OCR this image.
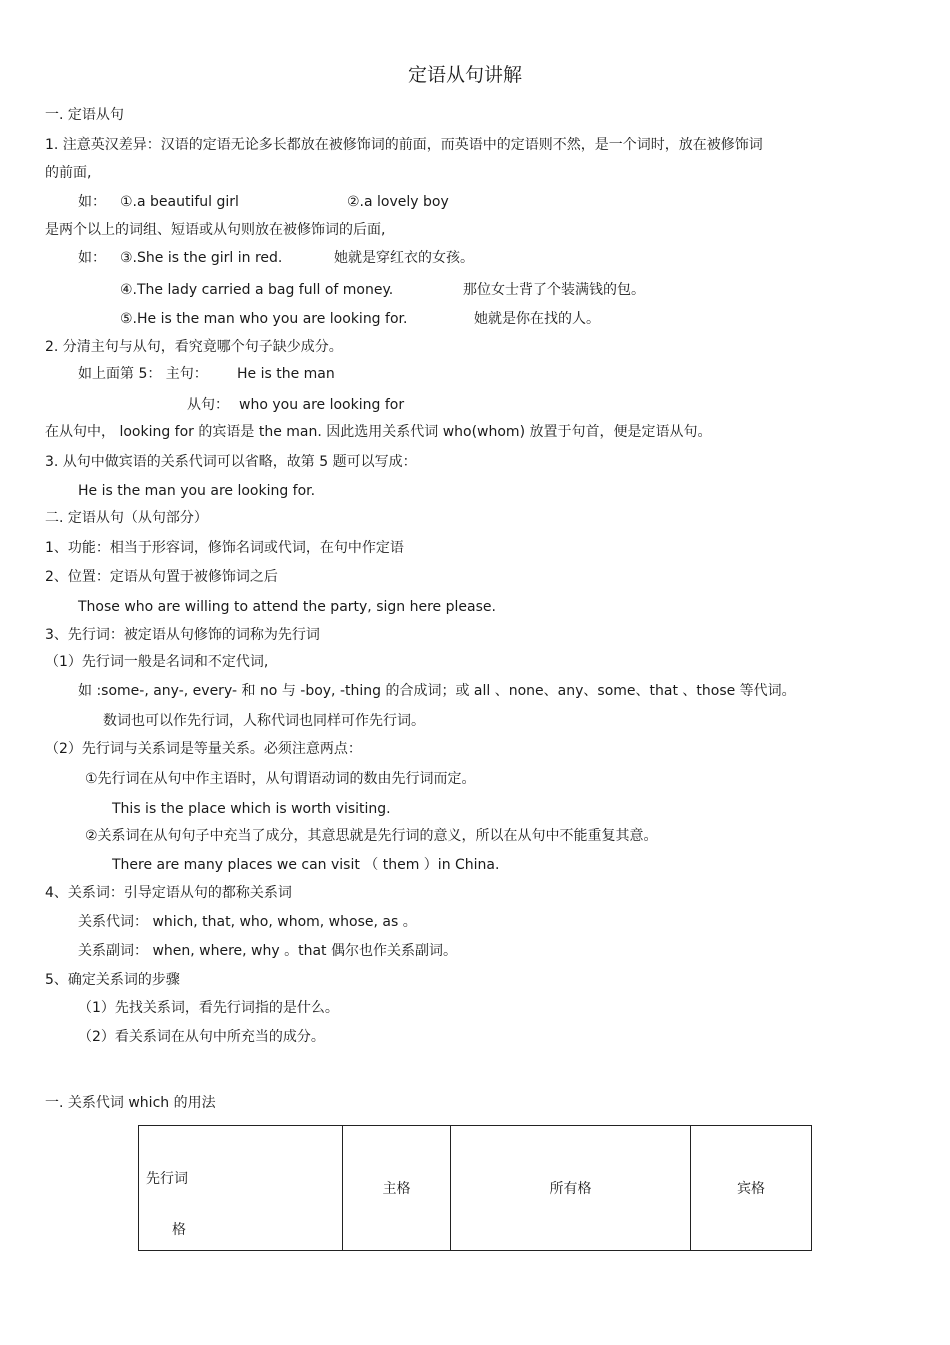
定语从句讲解
一. 定语从句
1. 注意英汉差异：汉语的定语无论多长都放在被修饰词的前面，而英语中的定语则不然，是一个词时，放在被修饰词
的前面,
如： ①.a beautiful girl	②.a lovely boy
是两个以上的词组、短语或从句则放在被修饰词的后面,
如： ③.She is the girl in red.	她就是穿红衣的女孩。
④.The lady carried a bag full of money.	那位女士背了个装满钱的包。
⑤.He is the man who you are looking for.	她就是你在找的人。
2. 分清主句与从句，看究竟哪个句子缺少成分。
如上面第 5： 主句： He is the man
从句： who you are looking for
在从句中， looking for 的宾语是 the man. 因此选用关系代词 who(whom) 放置于句首，便是定语从句。
3. 从句中做宾语的关系代词可以省略，故第 5 题可以写成：
He is the man you are looking for.
二. 定语从句（从句部分）
1、功能：相当于形容词，修饰名词或代词，在句中作定语
2、位置：定语从句置于被修饰词之后
Those who are willing to attend the party, sign here please.
3、先行词：被定语从句修饰的词称为先行词
（1）先行词一般是名词和不定代词,
如 :some-, any-, every- 和 no 与 -boy, -thing 的合成词；或 all 、none、any、some、that 、those 等代词。
数词也可以作先行词，人称代词也同样可作先行词。
（2）先行词与关系词是等量关系。必须注意两点：
①先行词在从句中作主语时，从句谓语动词的数由先行词而定。
This is the place which is worth visiting.
②关系词在从句句子中充当了成分，其意思就是先行词的意义，所以在从句中不能重复其意。
There are many places we can visit （ them ）in China.
4、关系词：引导定语从句的都称关系词
关系代词： which, that, who, whom, whose, as 。
关系副词： when, where, why 。that 偶尔也作关系副词。
5、确定关系词的步骤
（1）先找关系词，看先行词指的是什么。
（2）看关系词在从句中所充当的成分。
一. 关系代词 which 的用法
先行词
格
	主格	所有格	宾格
